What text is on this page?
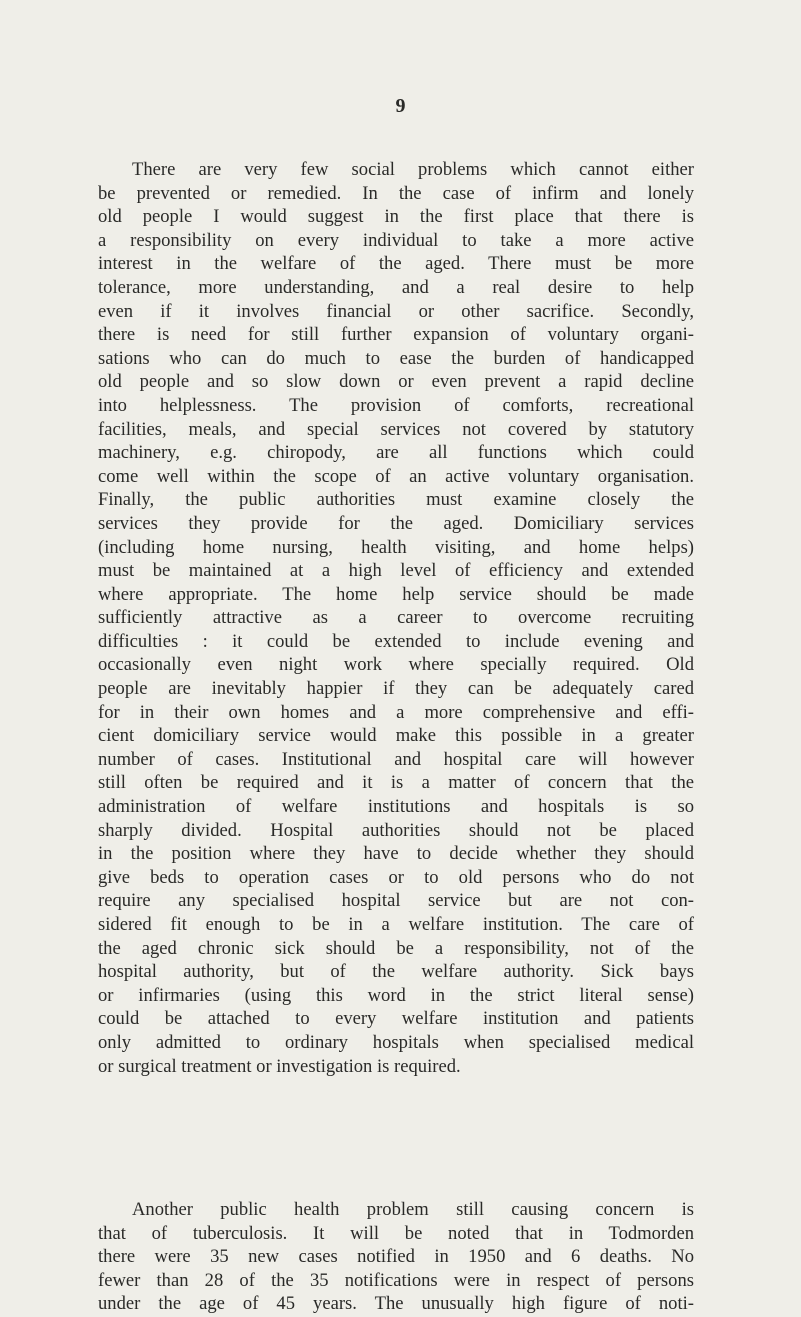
9
There are very few social problems which cannot either
be prevented or remedied. In the case of infirm and lonely
old people I would suggest in the first place that there is
a responsibility on every individual to take a more active
interest in the welfare of the aged. There must be more
tolerance, more understanding, and a real desire to help
even if it involves financial or other sacrifice. Secondly,
there is need for still further expansion of voluntary organi-
sations who can do much to ease the burden of handicapped
old people and so slow down or even prevent a rapid decline
into helplessness. The provision of comforts, recreational
facilities, meals, and special services not covered by statutory
machinery, e.g. chiropody, are all functions which could
come well within the scope of an active voluntary organisation.
Finally, the public authorities must examine closely the
services they provide for the aged. Domiciliary services
(including home nursing, health visiting, and home helps)
must be maintained at a high level of efficiency and extended
where appropriate. The home help service should be made
sufficiently attractive as a career to overcome recruiting
difficulties : it could be extended to include evening and
occasionally even night work where specially required. Old
people are inevitably happier if they can be adequately cared
for in their own homes and a more comprehensive and effi-
cient domiciliary service would make this possible in a greater
number of cases. Institutional and hospital care will however
still often be required and it is a matter of concern that the
administration of welfare institutions and hospitals is so
sharply divided. Hospital authorities should not be placed
in the position where they have to decide whether they should
give beds to operation cases or to old persons who do not
require any specialised hospital service but are not con-
sidered fit enough to be in a welfare institution. The care of
the aged chronic sick should be a responsibility, not of the
hospital authority, but of the welfare authority. Sick bays
or infirmaries (using this word in the strict literal sense)
could be attached to every welfare institution and patients
only admitted to ordinary hospitals when specialised medical
or surgical treatment or investigation is required.
Another public health problem still causing concern is
that of tuberculosis. It will be noted that in Todmorden
there were 35 new cases notified in 1950 and 6 deaths. No
fewer than 28 of the 35 notifications were in respect of persons
under the age of 45 years. The unusually high figure of noti-
